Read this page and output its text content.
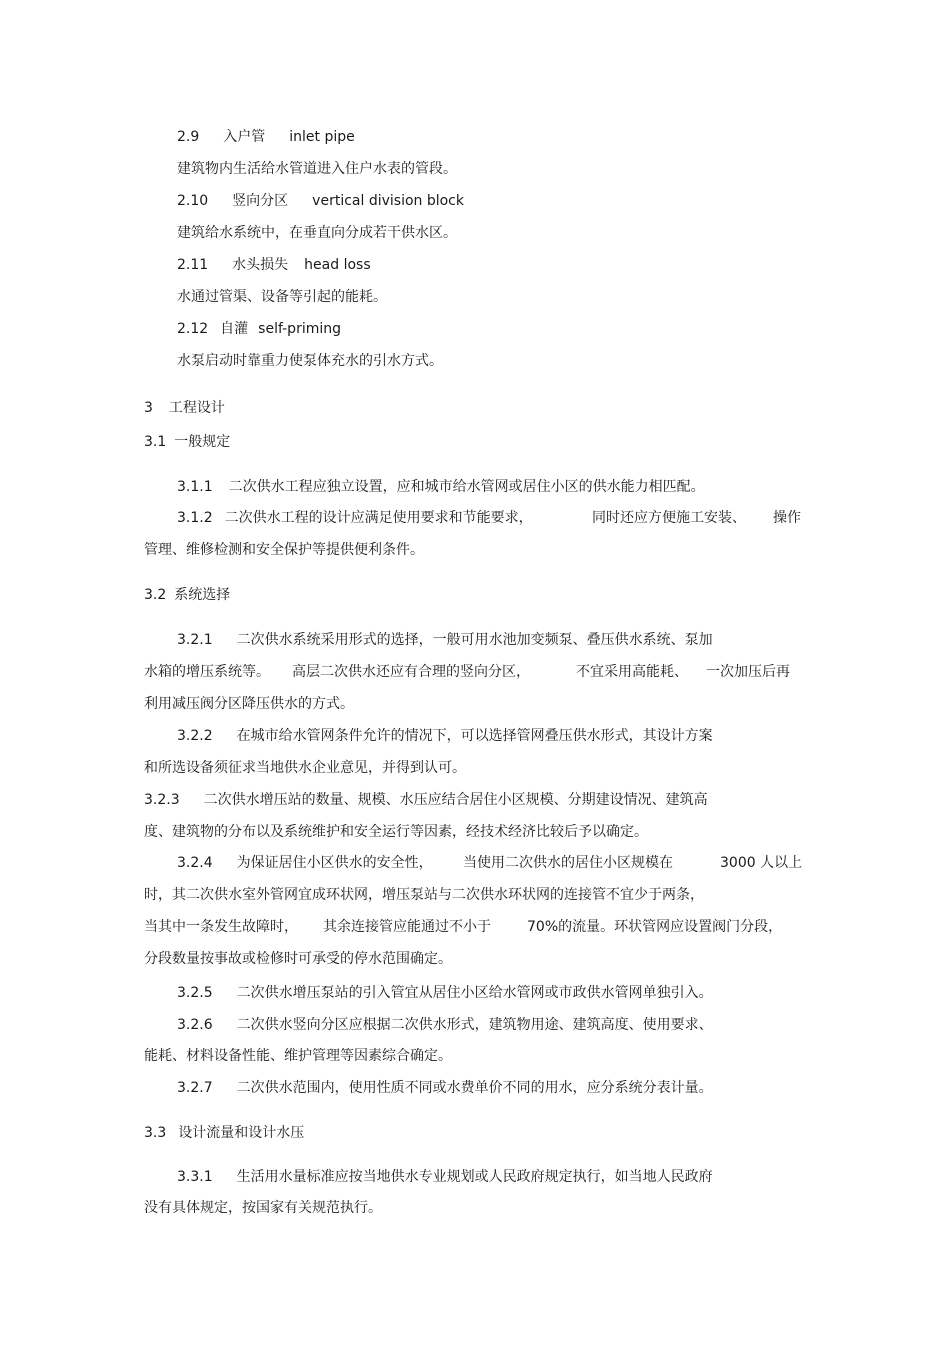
2.9 入户管 inlet pipe

建筑物内生活给水管道进入住户水表的管段。

2.10 竖向分区 vertical division block

建筑给水系统中，在垂直向分成若干供水区。

2.11 水头损失 head loss

水通过管渠、设备等引起的能耗。

2.12 自灌 self-priming

水泵启动时靠重力使泵体充水的引水方式。

3 工程设计

3.1 一般规定

3.1.1 二次供水工程应独立设置，应和城市给水管网或居住小区的供水能力相匹配。

3.1.2 二次供水工程的设计应满足使用要求和节能要求，	同时还应方便施工安装、 操作

管理、维修检测和安全保护等提供便利条件。

3.2 系统选择

3.2.1 二次供水系统采用形式的选择，一般可用水池加变频泵、叠压供水系统、泵加

水箱的增压系统等。 高层二次供水还应有合理的竖向分区，	不宜采用高能耗、 一次加压后再

利用减压阀分区降压供水的方式。

3.2.2 在城市给水管网条件允许的情况下，可以选择管网叠压供水形式，其设计方案

和所选设备须征求当地供水企业意见，并得到认可。

3.2.3 二次供水增压站的数量、规模、水压应结合居住小区规模、分期建设情况、建筑高

度、建筑物的分布以及系统维护和安全运行等因素，经技术经济比较后予以确定。

3.2.4 为保证居住小区供水的安全性， 当使用二次供水的居住小区规模在	3000 人以上

时，其二次供水室外管网宜成环状网，增压泵站与二次供水环状网的连接管不宜少于两条，

当其中一条发生故障时， 其余连接管应能通过不小于	70%的流量。环状管网应设置阀门分段，

分段数量按事故或检修时可承受的停水范围确定。

3.2.5 二次供水增压泵站的引入管宜从居住小区给水管网或市政供水管网单独引入。

3.2.6 二次供水竖向分区应根据二次供水形式，建筑物用途、建筑高度、使用要求、

能耗、材料设备性能、维护管理等因素综合确定。

3.2.7 二次供水范围内，使用性质不同或水费单价不同的用水，应分系统分表计量。

3.3 设计流量和设计水压

3.3.1 生活用水量标准应按当地供水专业规划或人民政府规定执行，如当地人民政府

没有具体规定，按国家有关规范执行。
